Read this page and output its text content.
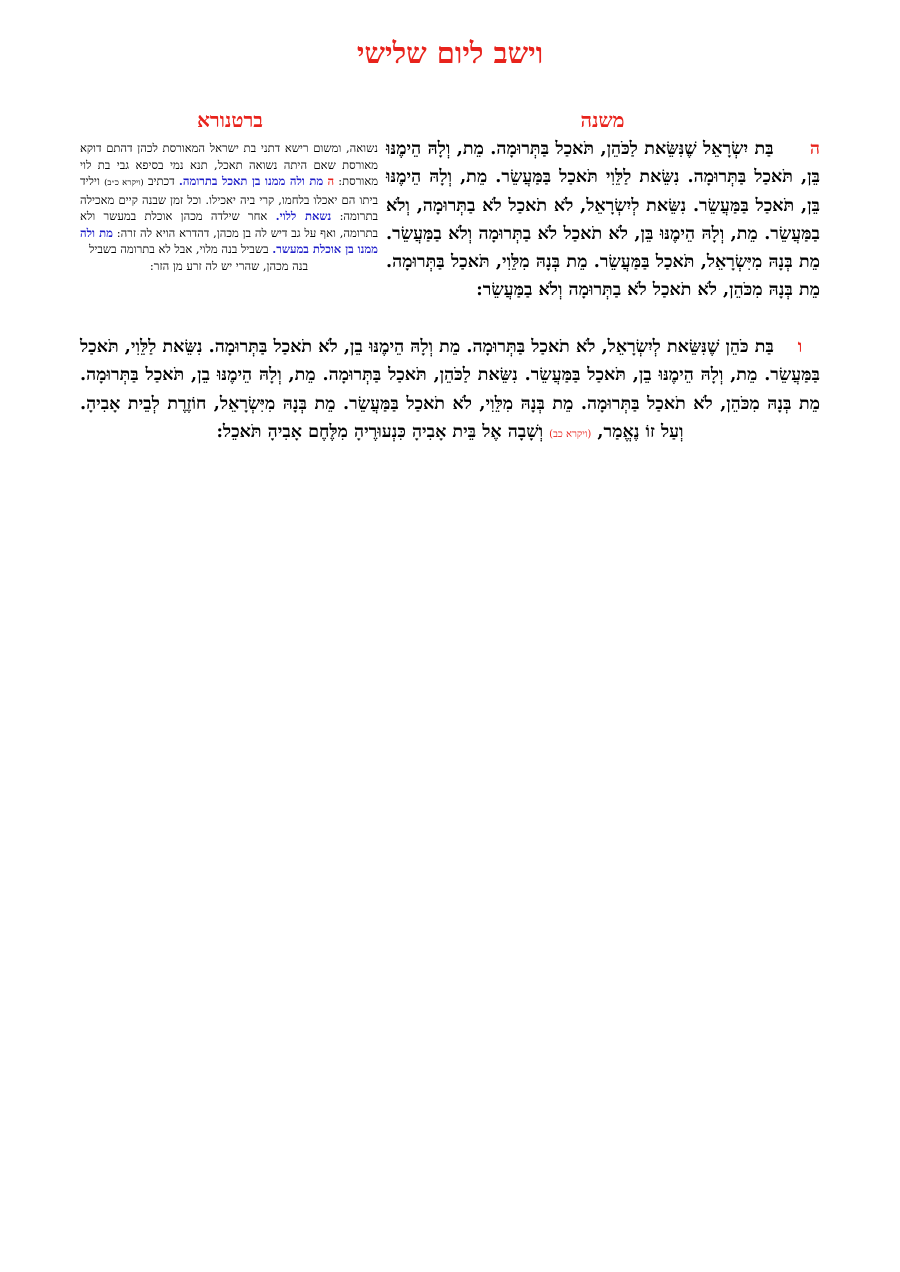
וישב ליום שלישי
משנה
ברטנורא
נשואה, ומשום רישא דתני בת ישראל המאורסת לכהן דהתם דוקא מאורסת שאם היתה נשואה תאכל, תנא נמי בסיפא גבי בת לוי מאורסת: ה מת ולה ממנו בן תאכל בתרומה. דכתיב (ויקרא כ״ב) ויליד ביתו הם יאכלו בלחמו, קרי ביה יאכילו. וכל זמן שבנה קיים מאכילה בתרומה: נשאת ללוי. אחר שילדה מכהן אוכלת במעשר ולא בתרומה, ואף על גב דיש לה בן מכהן, דהדרא הויא לה זרה: מת ולה ממנו בן אוכלת במעשר. בשביל בנה מלוי, אבל לא בתרומה בשביל
בנה מכהן, שהרי יש לה זרע מן הזר:
ה בַּת יִשְׂרָאֵל שֶׁנִּשֵּׂאת לַכֹּהֵן, תֹּאכַל בַּתְּרוּמָה. מֵת, וְלָהּ הֵימֶנּוּ בֵּן, תֹּאכַל בַּתְּרוּמָה. נִשֵּׂאת לַלֵּוִי תֹּאכַל בַּמַּעֲשֵׂר. מֵת, וְלָהּ הֵימֶנּוּ בֵּן, תֹּאכַל בַּמַּעֲשֵׂר. נִשֵּׂאת לְיִשְׂרָאֵל, לֹא תֹאכַל לֹא בַתְּרוּמָה, וְלֹא בַמַּעֲשֵׂר. מֵת, וְלָהּ הֵימֶנּוּ בֵּן, לֹא תֹאכַל לֹא בַתְּרוּמָה וְלֹא בַמַּעֲשֵׂר. מֵת בְּנָהּ מִיִּשְׂרָאֵל, תֹּאכַל בַּמַּעֲשֵׂר. מֵת בְּנָהּ מִלֵּוִי, תֹּאכַל בַּתְּרוּמָה. מֵת בְּנָהּ מִכֹּהֵן, לֹא תֹאכַל לֹא בַתְּרוּמָה וְלֹא בַמַּעֲשֵׂר:
ו בַּת כֹּהֵן שֶׁנִּשֵּׂאת לְיִשְׂרָאֵל, לֹא תֹאכַל בַּתְּרוּמָה. מֵת וְלָהּ הֵימֶנּוּ בֵן, לֹא תֹאכַל בַּתְּרוּמָה. נִשֵּׂאת לַלֵּוִי, תֹּאכַל בַּמַּעֲשֵׂר. מֵת, וְלָהּ הֵימֶנּוּ בֵן, תֹּאכַל בַּמַּעֲשֵׂר. נִשֵּׂאת לַכֹּהֵן, תֹּאכַל בַּתְּרוּמָה. מֵת, וְלָהּ הֵימֶנּוּ בֵן, תֹּאכַל בַּתְּרוּמָה. מֵת בְּנָהּ מִכֹּהֵן, לֹא תֹאכַל בַּתְּרוּמָה. מֵת בְּנָהּ מִלֵּוִי, לֹא תֹאכַל בַּמַּעֲשֵׂר. מֵת בְּנָהּ מִיִּשְׂרָאֵל, חוֹזֶרֶת לְבֵית אָבִיהָ. וְעַל זוֹ נֶאֱמַר, (ויקרא כב) וְשָׁבָה אֶל בֵּית אָבִיהָ כִּנְעוּרֶיהָ מִלֶּחֶם אָבִיהָ תֹּאכֵל:
